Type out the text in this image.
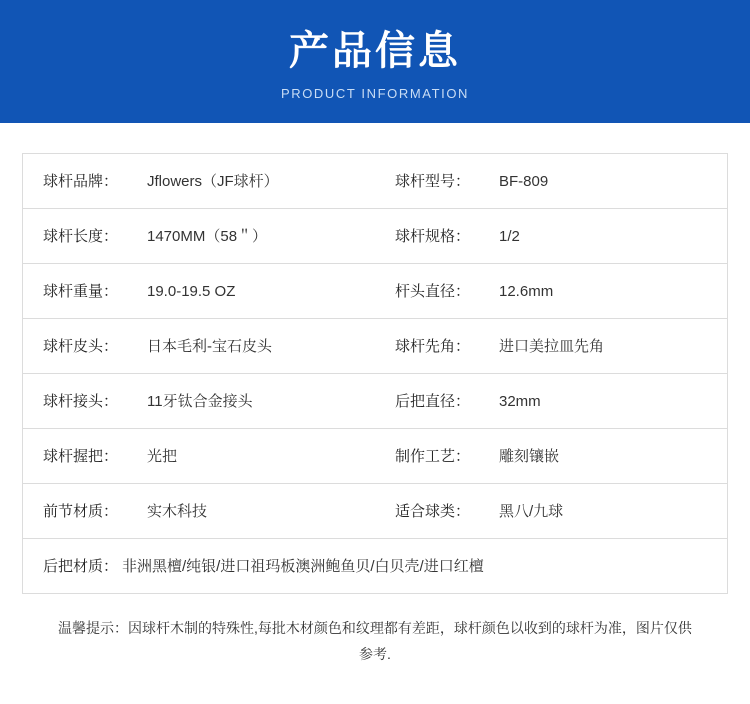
产品信息
PRODUCT INFORMATION
球杆品牌：	Jflowers（JF球杆）	球杆型号：	BF-809
球杆长度：	1470MM（58＂）	球杆规格：	1/2
球杆重量：	19.0-19.5 OZ	杆头直径：	12.6mm
球杆皮头：	日本毛利-宝石皮头	球杆先角：	进口美拉皿先角
球杆接头：	11牙钛合金接头	后把直径：	32mm
球杆握把：	光把	制作工艺：	雕刻镶嵌
前节材质：	实木科技	适合球类：	黑八/九球
后把材质： 非洲黑檀/纯银/进口祖玛板澳洲鲍鱼贝/白贝壳/进口红檀
温馨提示：因球杆木制的特殊性,每批木材颜色和纹理都有差距，球杆颜色以收到的球杆为准，图片仅供参考.
